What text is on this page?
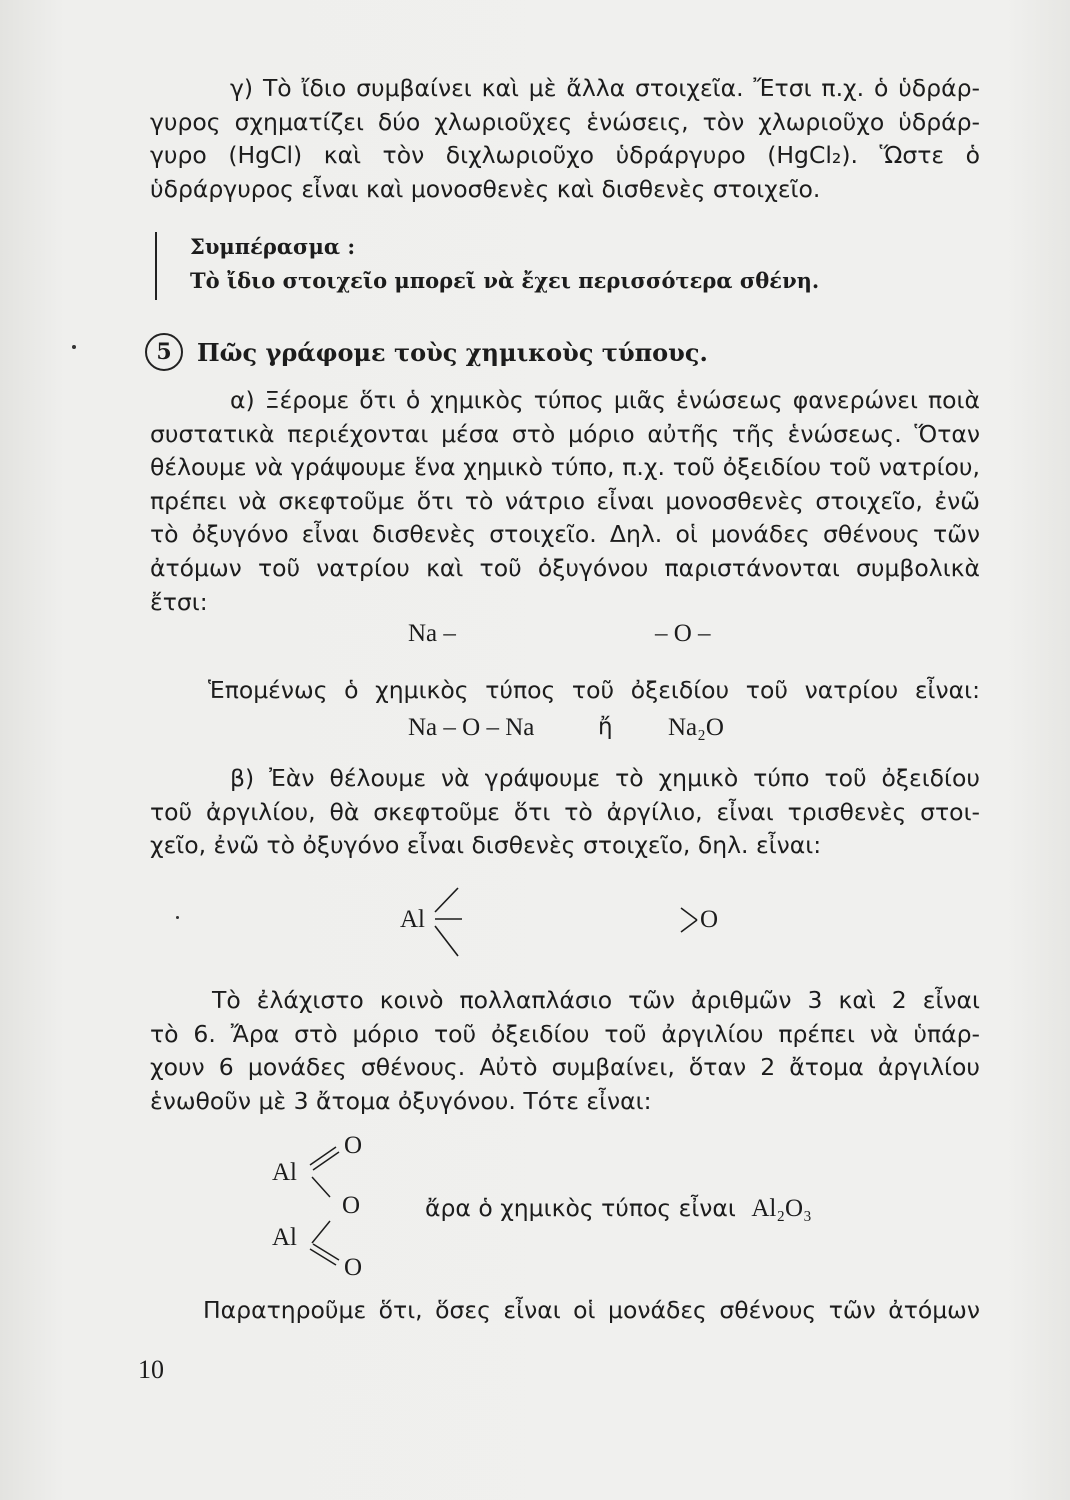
γ) Τὸ ἴδιο συμβαίνει καὶ μὲ ἄλλα στοιχεῖα. Ἔτσι π.χ. ὁ ὑδράρ-
γυρος σχηματίζει δύο χλωριοῦχες ἑνώσεις, τὸν χλωριοῦχο ὑδράρ-
γυρο (HgCl) καὶ τὸν διχλωριοῦχο ὑδράργυρο (HgCl₂). Ὥστε ὁ
ὑδράργυρος εἶναι καὶ μονοσθενὲς καὶ δισθενὲς στοιχεῖο.
Συμπέρασμα :
Τὸ ἴδιο στοιχεῖο μπορεῖ νὰ ἔχει περισσότερα σθένη.
5	Πῶς γράφομε τοὺς χημικοὺς τύπους.
α) Ξέρομε ὅτι ὁ χημικὸς τύπος μιᾶς ἑνώσεως φανερώνει ποιὰ
συστατικὰ περιέχονται μέσα στὸ μόριο αὐτῆς τῆς ἑνώσεως. Ὅταν
θέλουμε νὰ γράψουμε ἕνα χημικὸ τύπο, π.χ. τοῦ ὀξειδίου τοῦ νατρίου,
πρέπει νὰ σκεφτοῦμε ὅτι τὸ νάτριο εἶναι μονοσθενὲς στοιχεῖο, ἐνῶ
τὸ ὀξυγόνο εἶναι δισθενὲς στοιχεῖο. Δηλ. οἱ μονάδες σθένους τῶν
ἀτόμων τοῦ νατρίου καὶ τοῦ ὀξυγόνου παριστάνονται συμβολικὰ
ἔτσι:
Na –	– O –
Ἑπομένως ὁ χημικὸς τύπος τοῦ ὀξειδίου τοῦ νατρίου εἶναι:
Na – O – Na	ἤ Na₂O
β) Ἐὰν θέλουμε νὰ γράψουμε τὸ χημικὸ τύπο τοῦ ὀξειδίου
τοῦ ἀργιλίου, θὰ σκεφτοῦμε ὅτι τὸ ἀργίλιο, εἶναι τρισθενὲς στοι-
χεῖο, ἐνῶ τὸ ὀξυγόνο εἶναι δισθενὲς στοιχεῖο, δηλ. εἶναι:
Al	O
Τὸ ἐλάχιστο κοινὸ πολλαπλάσιο τῶν ἀριθμῶν 3 καὶ 2 εἶναι
τὸ 6. Ἄρα στὸ μόριο τοῦ ὀξειδίου τοῦ ἀργιλίου πρέπει νὰ ὑπάρ-
χουν 6 μονάδες σθένους. Αὐτὸ συμβαίνει, ὅταν 2 ἄτομα ἀργιλίου
ἑνωθοῦν μὲ 3 ἄτομα ὀξυγόνου. Τότε εἶναι:
O
Al
O
Al
O
ἄρα ὁ χημικὸς τύπος εἶναι Al₂O₃
Παρατηροῦμε ὅτι, ὅσες εἶναι οἱ μονάδες σθένους τῶν ἀτόμων
10
